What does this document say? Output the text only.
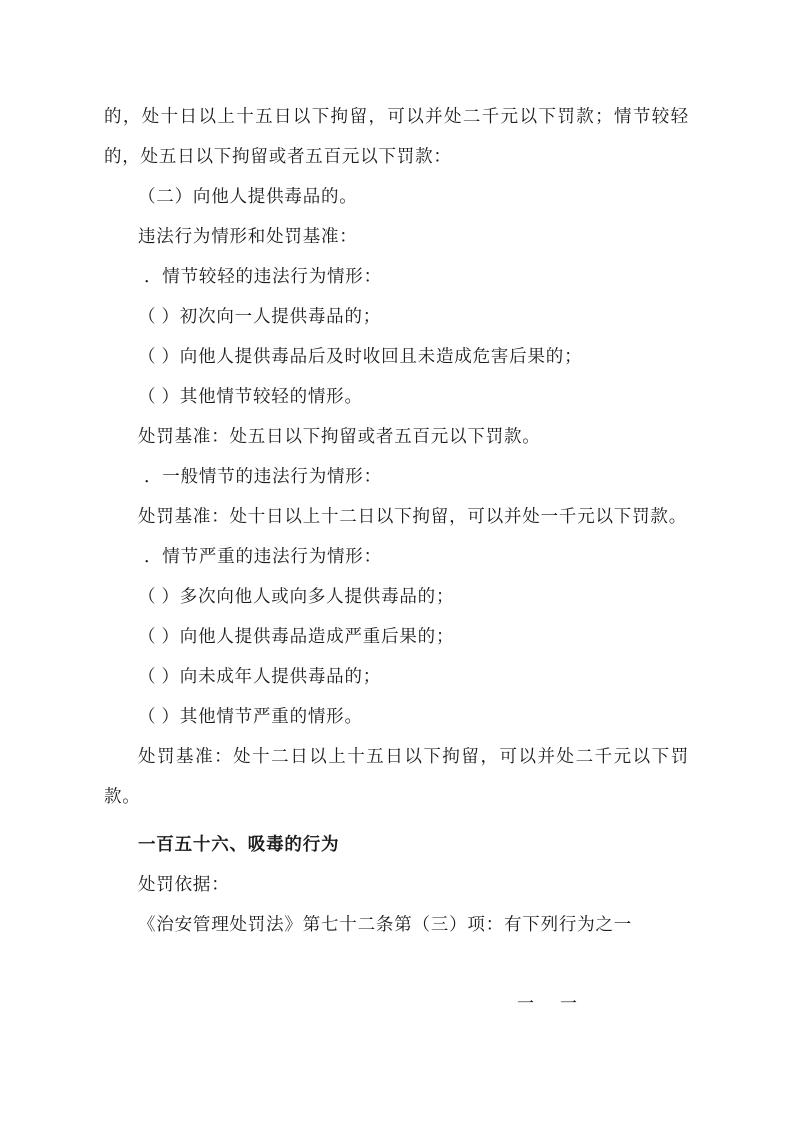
的，处十日以上十五日以下拘留，可以并处二千元以下罚款；情节较轻的，处五日以下拘留或者五百元以下罚款：

（二）向他人提供毒品的。

违法行为情形和处罚基准：

．情节较轻的违法行为情形：

（ ）初次向一人提供毒品的；

（ ）向他人提供毒品后及时收回且未造成危害后果的；

（ ）其他情节较轻的情形。

处罚基准：处五日以下拘留或者五百元以下罚款。

．一般情节的违法行为情形：

处罚基准：处十日以上十二日以下拘留，可以并处一千元以下罚款。

．情节严重的违法行为情形：

（ ）多次向他人或向多人提供毒品的；

（ ）向他人提供毒品造成严重后果的；

（ ）向未成年人提供毒品的；

（ ）其他情节严重的情形。

处罚基准：处十二日以上十五日以下拘留，可以并处二千元以下罚款。

一百五十六、吸毒的行为

处罚依据：

《治安管理处罚法》第七十二条第（三）项：有下列行为之一

一一
